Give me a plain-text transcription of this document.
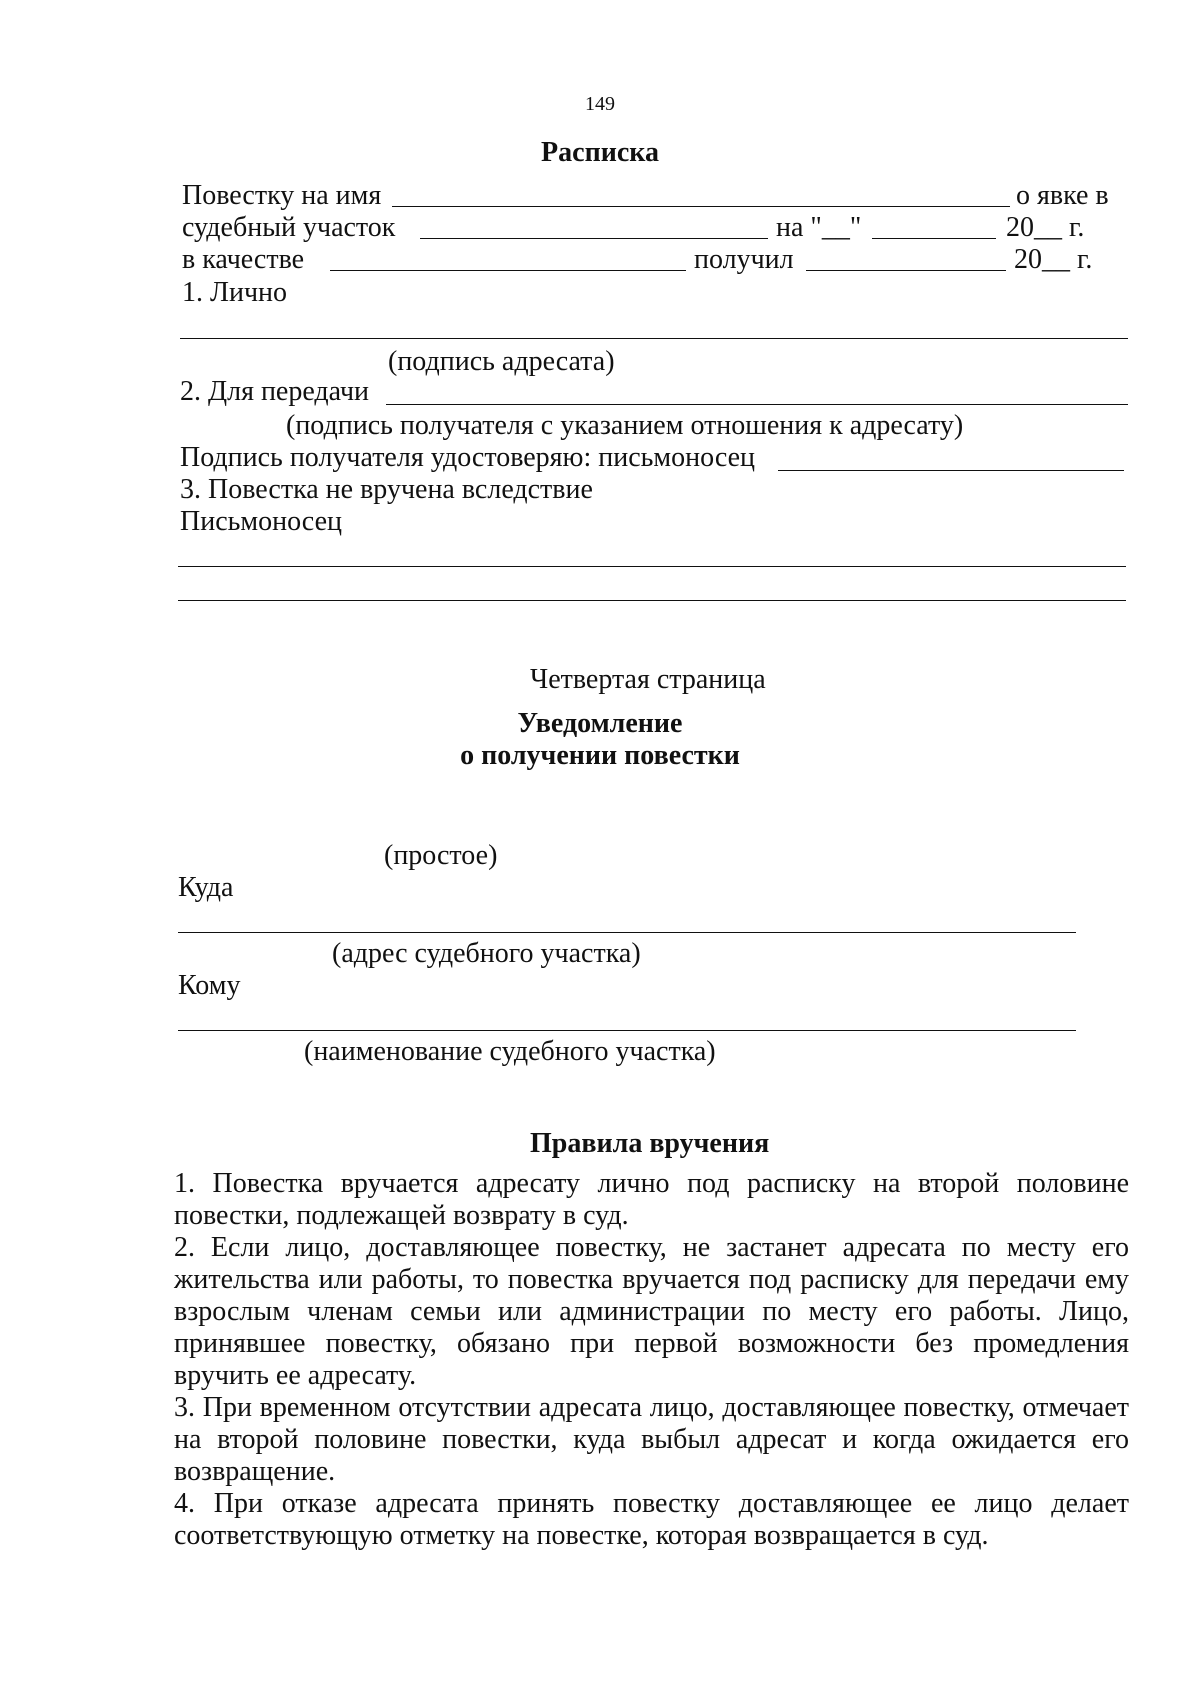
149
Расписка
Повестку на имя	о явке в
судебный участок	на "__"	20__ г.
в качестве	получил	20__ г.
1. Лично
(подпись адресата)
2. Для передачи
(подпись получателя с указанием отношения к адресату)
Подпись получателя удостоверяю: письмоносец
3. Повестка не вручена вследствие
Письмоносец
Четвертая страница
Уведомление
о получении повестки
(простое)
Куда
(адрес судебного участка)
Кому
(наименование судебного участка)
Правила вручения

1. Повестка вручается адресату лично под расписку на второй половине повестки, подлежащей возврату в суд.

2. Если лицо, доставляющее повестку, не застанет адресата по месту его жительства или работы, то повестка вручается под расписку для передачи ему взрослым членам семьи или администрации по месту его работы. Лицо, принявшее повестку, обязано при первой возможности без промедления вручить ее адресату.

3. При временном отсутствии адресата лицо, доставляющее повестку, отмечает на второй половине повестки, куда выбыл адресат и когда ожидается его возвращение.

4. При отказе адресата принять повестку доставляющее ее лицо делает соответствующую отметку на повестке, которая возвращается в суд.
